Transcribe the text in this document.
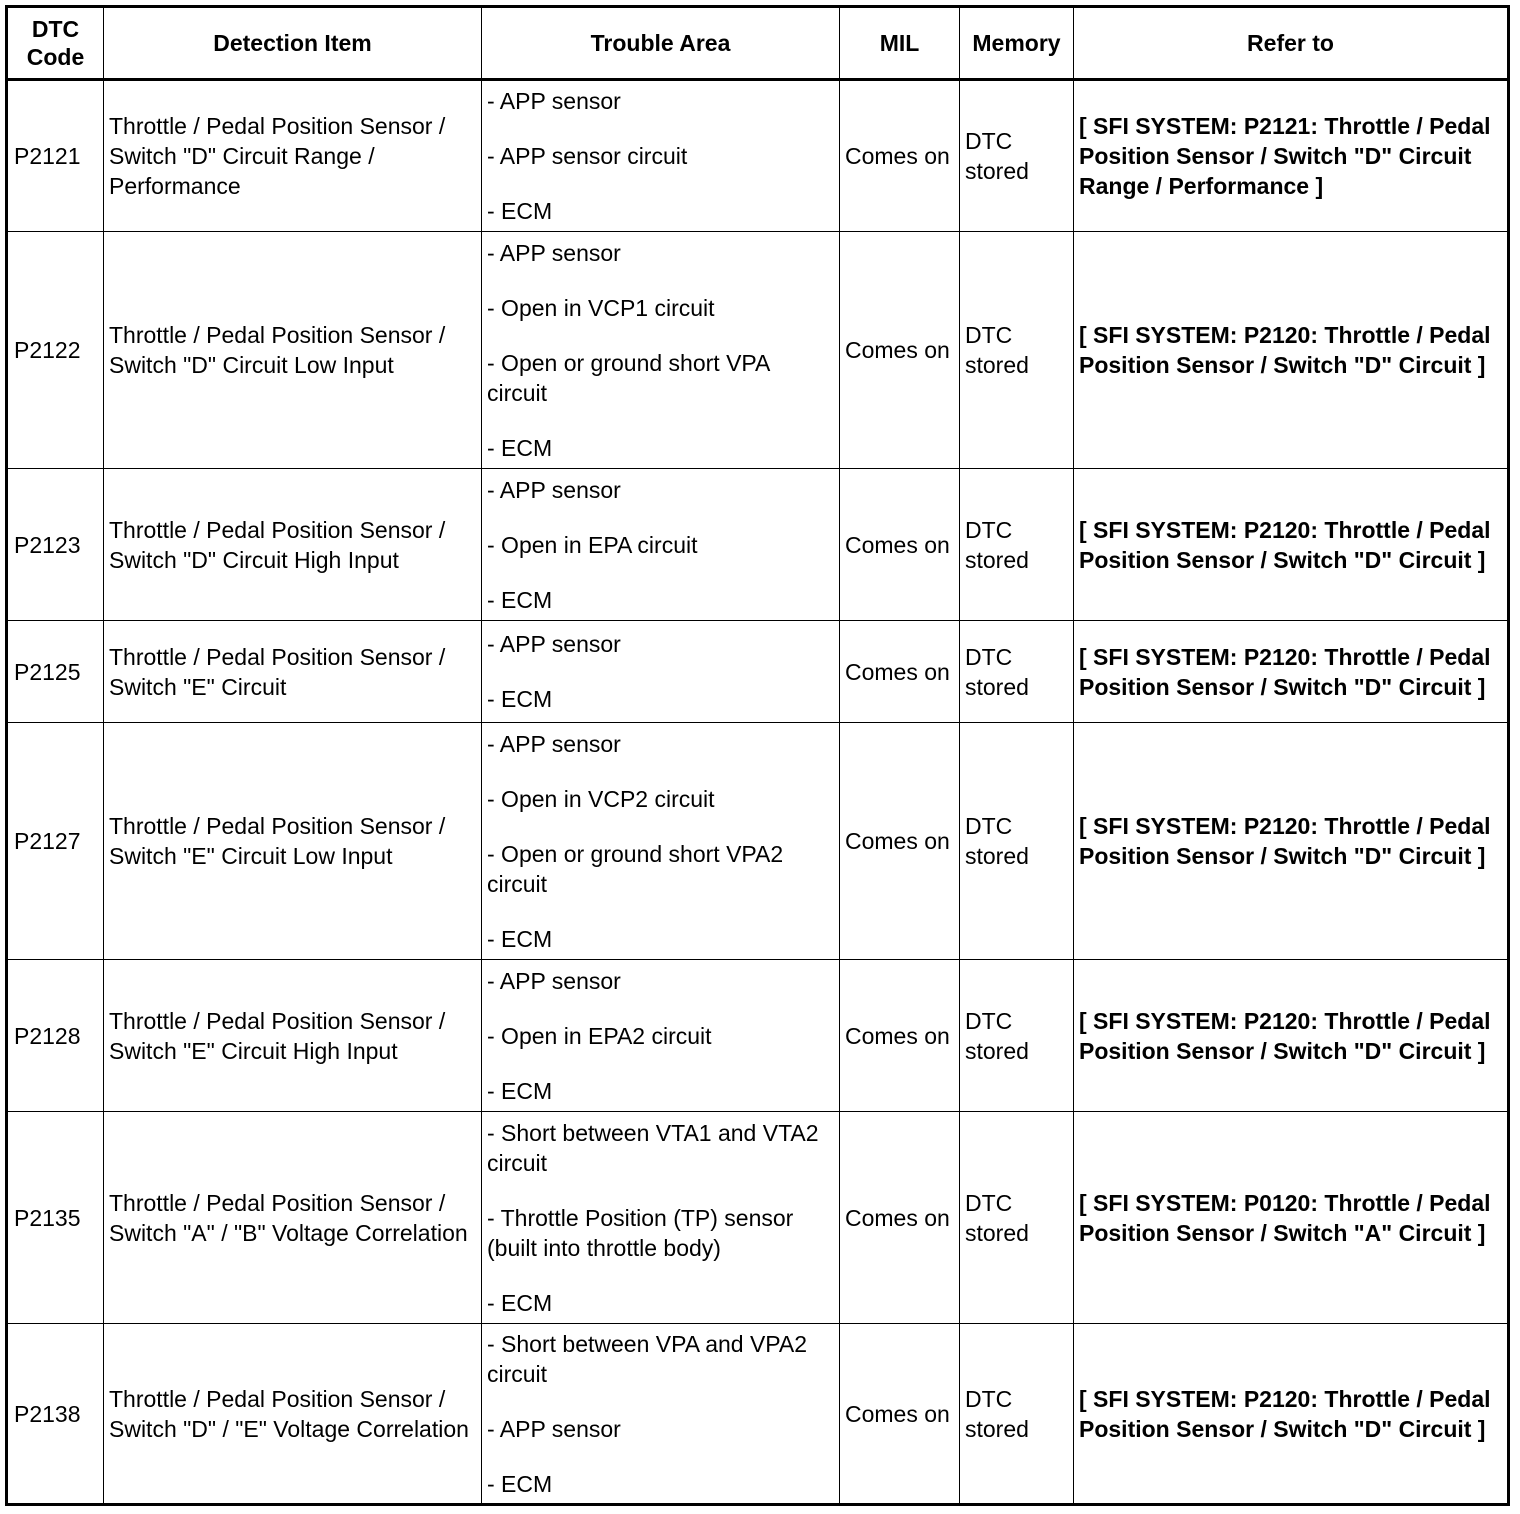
DTC
Code	Detection Item	Trouble Area	MIL	Memory	Refer to
P2121	Throttle / Pedal Position Sensor / Switch "D" Circuit Range / Performance	- APP sensor
- APP sensor circuit
- ECM	Comes on	DTC stored	[ SFI SYSTEM: P2121: Throttle / Pedal Position Sensor / Switch "D" Circuit Range / Performance ]
P2122	Throttle / Pedal Position Sensor / Switch "D" Circuit Low Input	- APP sensor
- Open in VCP1 circuit
- Open or ground short VPA circuit
- ECM	Comes on	DTC stored	[ SFI SYSTEM: P2120: Throttle / Pedal Position Sensor / Switch "D" Circuit ]
P2123	Throttle / Pedal Position Sensor / Switch "D" Circuit High Input	- APP sensor
- Open in EPA circuit
- ECM	Comes on	DTC stored	[ SFI SYSTEM: P2120: Throttle / Pedal Position Sensor / Switch "D" Circuit ]
P2125	Throttle / Pedal Position Sensor / Switch "E" Circuit	- APP sensor
- ECM	Comes on	DTC stored	[ SFI SYSTEM: P2120: Throttle / Pedal Position Sensor / Switch "D" Circuit ]
P2127	Throttle / Pedal Position Sensor / Switch "E" Circuit Low Input	- APP sensor
- Open in VCP2 circuit
- Open or ground short VPA2 circuit
- ECM	Comes on	DTC stored	[ SFI SYSTEM: P2120: Throttle / Pedal Position Sensor / Switch "D" Circuit ]
P2128	Throttle / Pedal Position Sensor / Switch "E" Circuit High Input	- APP sensor
- Open in EPA2 circuit
- ECM	Comes on	DTC stored	[ SFI SYSTEM: P2120: Throttle / Pedal Position Sensor / Switch "D" Circuit ]
P2135	Throttle / Pedal Position Sensor / Switch "A" / "B" Voltage Correlation	- Short between VTA1 and VTA2 circuit
- Throttle Position (TP) sensor (built into throttle body)
- ECM	Comes on	DTC stored	[ SFI SYSTEM: P0120: Throttle / Pedal Position Sensor / Switch "A" Circuit ]
P2138	Throttle / Pedal Position Sensor / Switch "D" / "E" Voltage Correlation	- Short between VPA and VPA2 circuit
- APP sensor
- ECM	Comes on	DTC stored	[ SFI SYSTEM: P2120: Throttle / Pedal Position Sensor / Switch "D" Circuit ]
